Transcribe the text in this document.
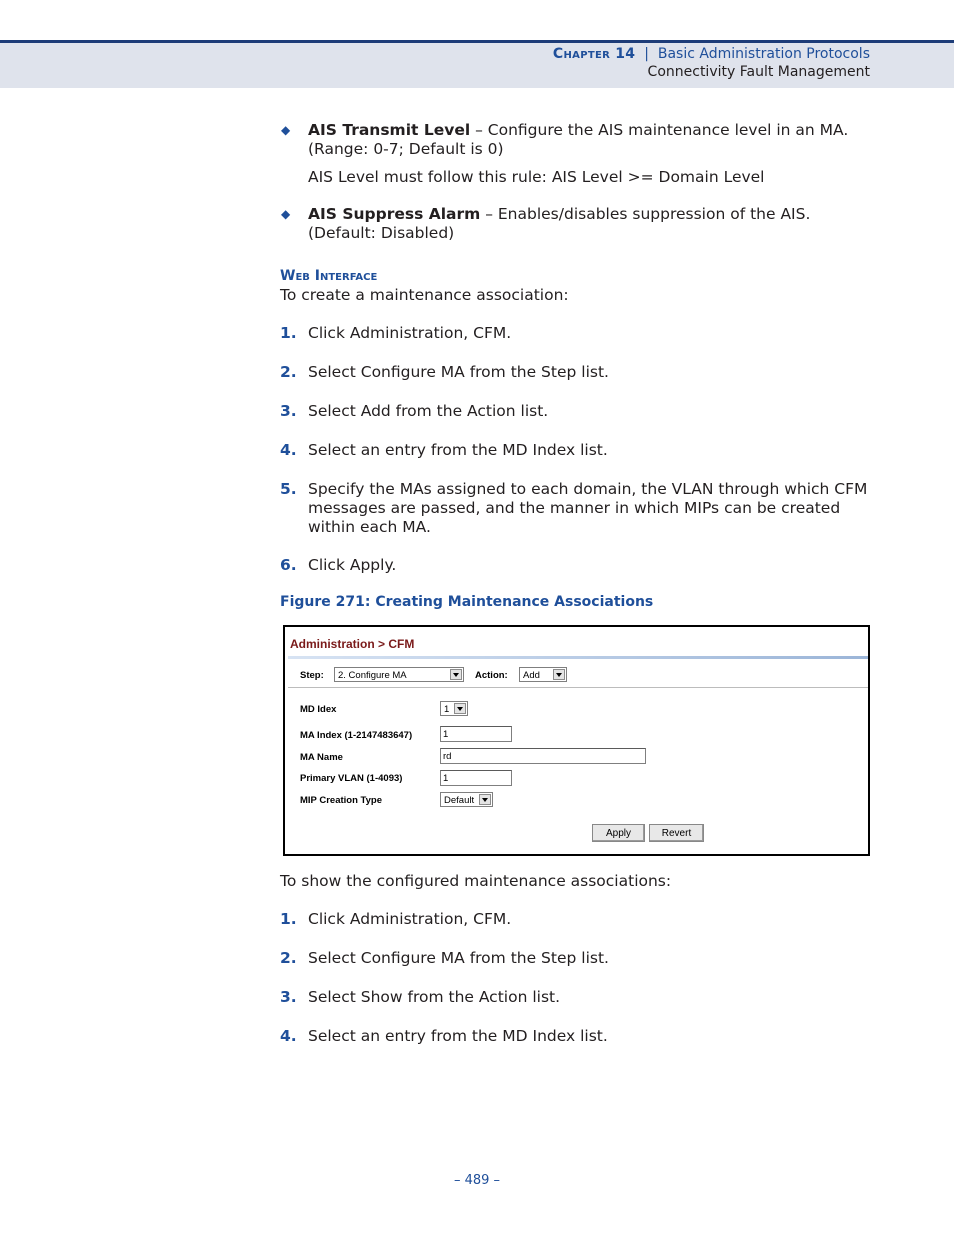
Chapter 14 | Basic Administration Protocols
Connectivity Fault Management
◆ AIS Transmit Level – Configure the AIS maintenance level in an MA. (Range: 0-7; Default is 0)
AIS Level must follow this rule: AIS Level >= Domain Level
◆ AIS Suppress Alarm – Enables/disables suppression of the AIS. (Default: Disabled)
Web Interface
To create a maintenance association:
1. Click Administration, CFM.
2. Select Configure MA from the Step list.
3. Select Add from the Action list.
4. Select an entry from the MD Index list.
5. Specify the MAs assigned to each domain, the VLAN through which CFM messages are passed, and the manner in which MIPs can be created within each MA.
6. Click Apply.
Figure 271: Creating Maintenance Associations
Administration > CFM
Step:	2. Configure MA	Action:	Add
MD Idex	1
MA Index (1-2147483647)	1
MA Name	rd
Primary VLAN (1-4093)	1
MIP Creation Type	Default
Apply	Revert
To show the configured maintenance associations:
1. Click Administration, CFM.
2. Select Configure MA from the Step list.
3. Select Show from the Action list.
4. Select an entry from the MD Index list.
– 489 –
